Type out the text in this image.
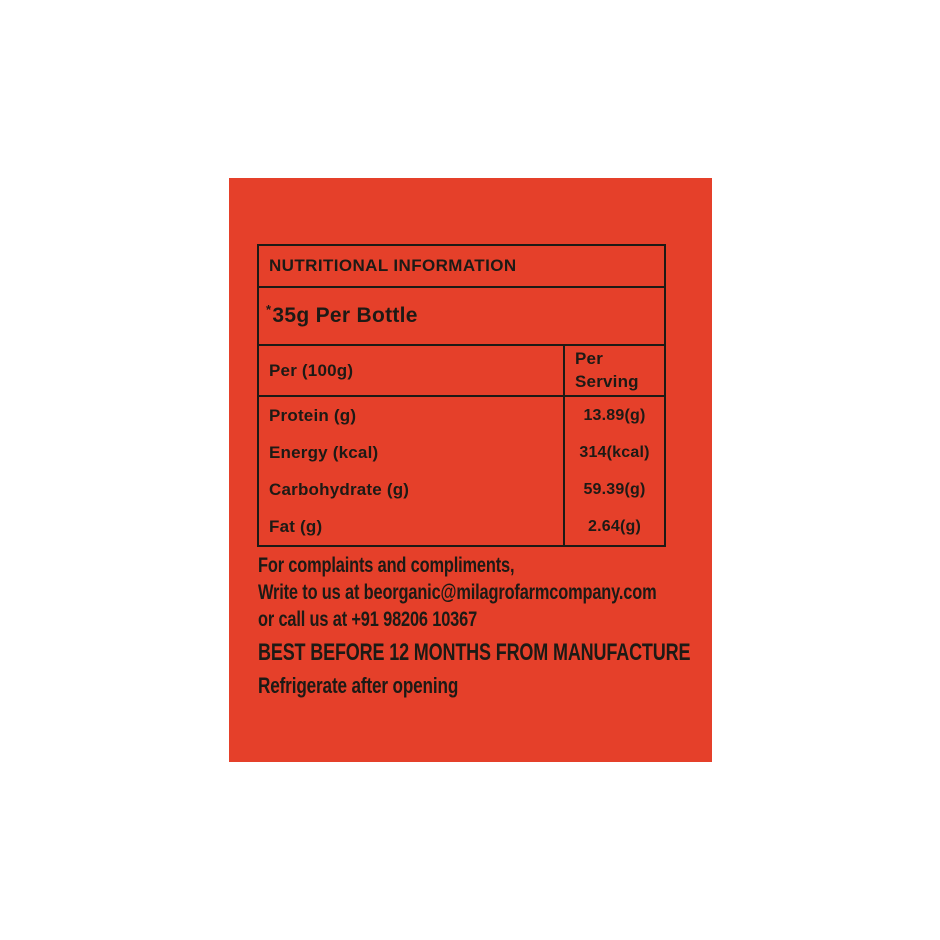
NUTRITIONAL INFORMATION
* 35g Per Bottle
Per (100g)
Per Serving
Protein (g)
Energy (kcal)
Carbohydrate (g)
Fat (g)
13.89(g)
314(kcal)
59.39(g)
2.64(g)
For complaints and compliments,
Write to us at beorganic@milagrofarmcompany.com
or call us at +91 98206 10367
BEST BEFORE 12 MONTHS FROM MANUFACTURE
Refrigerate after opening
